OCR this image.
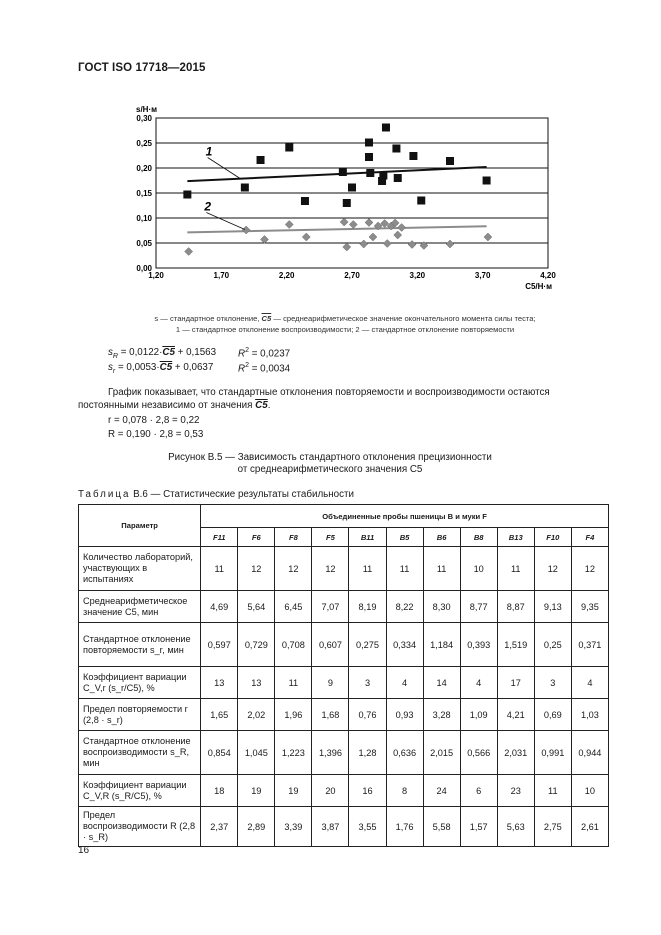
ГОСТ ISO 17718—2015
0,00
0,05
0,10
0,15
0,20
0,25
0,30
1,20	1,70	2,20	2,70	3,20	3,70	4,20
s/Н·м
C5/Н·м
1
2
s — стандартное отклонение, C5 — среднеарифметическое значение окончательного момента силы теста;
1 — стандартное отклонение воспроизводимости; 2 — стандартное отклонение повторяемости
$s_R = 0,0122\cdot C5 + 0,1563$ $R^2 = 0,0237$
$s_r = 0,0053\cdot C5 + 0,0637$	$R^2 = 0,0034$
График показывает, что стандартные отклонения повторяемости и воспроизводимости остаются постоянными независимо от значения C5.
r = 0,078 · 2,8 = 0,22
R = 0,190 · 2,8 = 0,53
Рисунок В.5 — Зависимость стандартного отклонения прецизионности
от среднеарифметического значения C5
Таблица В.6 — Статистические результаты стабильности
Параметр	Объединенные пробы пшеницы B и муки F										
	F11	F6	F8	F5	B11	B5	B6	B8	B13	F10	F4
Количество лабораторий, участвующих в испытаниях	11	12	12	12	11	11	11	10	11	12	12
Среднеарифметическое значение C5, мин	4,69	5,64	6,45	7,07	8,19	8,22	8,30	8,77	8,87	9,13	9,35
Стандартное отклонение повторяемости s_r, мин	0,597	0,729	0,708	0,607	0,275	0,334	1,184	0,393	1,519	0,25	0,371
Коэффициент вариации C_V,r (s_r/C5), %	13	13	11	9	3	4	14	4	17	3	4
Предел повторяемости r (2,8 · s_r)	1,65	2,02	1,96	1,68	0,76	0,93	3,28	1,09	4,21	0,69	1,03
Стандартное отклонение воспроизводимости s_R, мин	0,854	1,045	1,223	1,396	1,28	0,636	2,015	0,566	2,031	0,991	0,944
Коэффициент вариации C_V,R (s_R/C5), %	18	19	19	20	16	8	24	6	23	11	10
Предел воспроизводимости R (2,8 · s_R)	2,37	2,89	3,39	3,87	3,55	1,76	5,58	1,57	5,63	2,75	2,61
16
